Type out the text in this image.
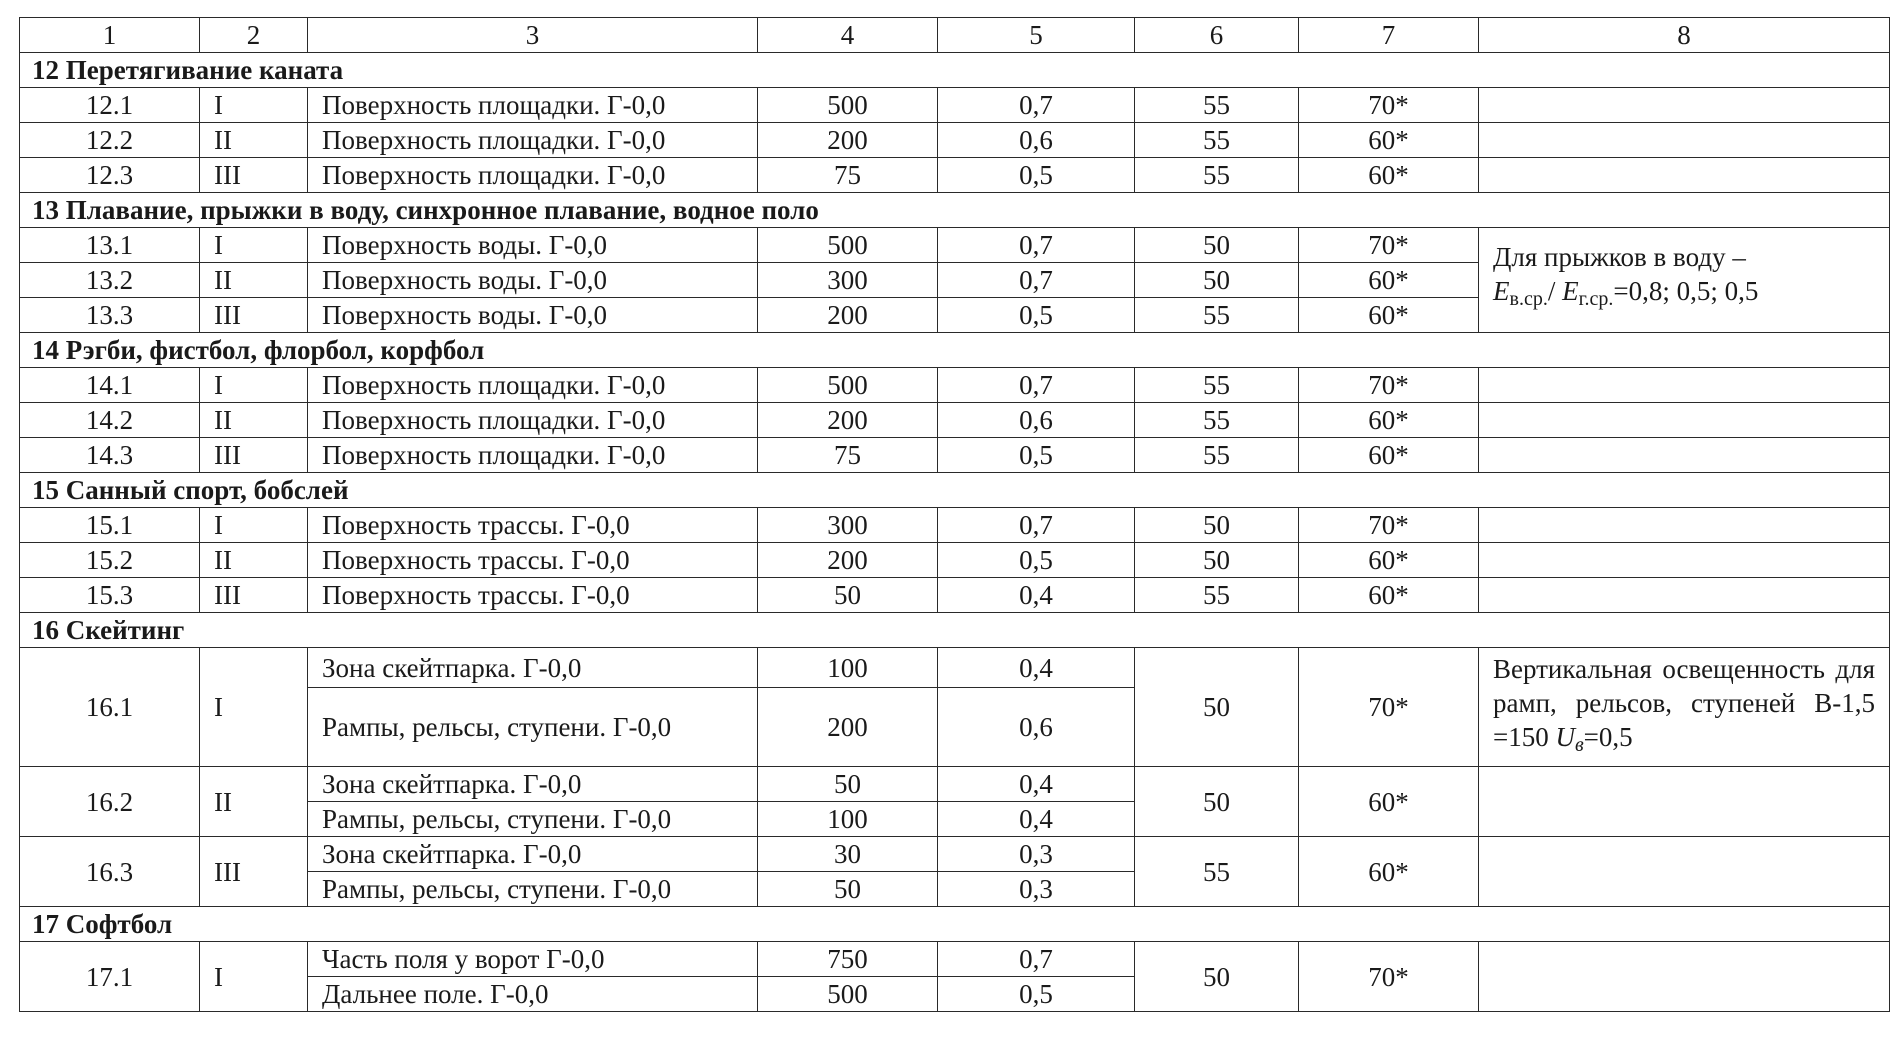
1	2	3	4	5	6	7	8
12 Перетягивание каната							
12.1	I	Поверхность площадки. Г-0,0	500	0,7	55	70*	
12.2	II	Поверхность площадки. Г-0,0	200	0,6	55	60*	
12.3	III	Поверхность площадки. Г-0,0	75	0,5	55	60*	
13 Плавание, прыжки в воду, синхронное плавание, водное поло							
13.1	I	Поверхность воды. Г-0,0	500	0,7	50	70*	Для прыжков в воду –
$E_{в.ср.}/$ $E_{г.ср.}=0,8$; 0,5; 0,5
13.2	II	Поверхность воды. Г-0,0	300	0,7	50	60*	
13.3	III	Поверхность воды. Г-0,0	200	0,5	55	60*	
14 Рэгби, фистбол, флорбол, корфбол							
14.1	I	Поверхность площадки. Г-0,0	500	0,7	55	70*	
14.2	II	Поверхность площадки. Г-0,0	200	0,6	55	60*	
14.3	III	Поверхность площадки. Г-0,0	75	0,5	55	60*	
15 Санный спорт, бобслей							
15.1	I	Поверхность трассы. Г-0,0	300	0,7	50	70*	
15.2	II	Поверхность трассы. Г-0,0	200	0,5	50	60*	
15.3	III	Поверхность трассы. Г-0,0	50	0,4	55	60*	
16 Скейтинг							
16.1	I	Зона скейтпарка. Г-0,0	100	0,4	50	70*	Вертикальная освещенность для рамп, рельсов, ступеней В-1,5 =150 $U_в=0,5$
		Рампы, рельсы, ступени. Г-0,0	200	0,6			
16.2	II	Зона скейтпарка. Г-0,0	50	0,4	50	60*	
		Рампы, рельсы, ступени. Г-0,0	100	0,4			
16.3	III	Зона скейтпарка. Г-0,0	30	0,3	55	60*	
		Рампы, рельсы, ступени. Г-0,0	50	0,3			
17 Софтбол							
17.1	I	Часть поля у ворот Г-0,0	750	0,7	50	70*	
		Дальнее поле. Г-0,0	500	0,5			
